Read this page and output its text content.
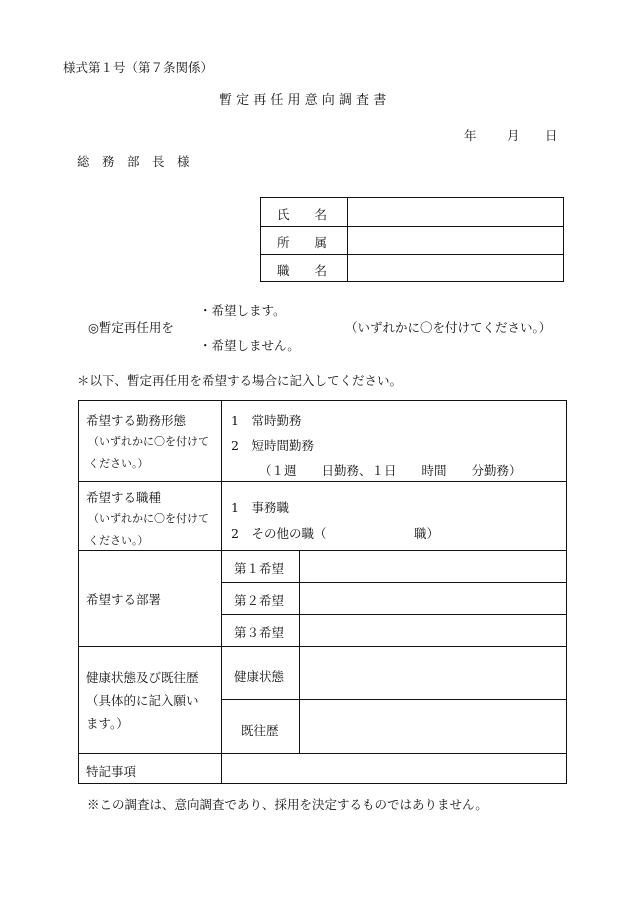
様式第１号（第７条関係）
暫 定 再 任 用 意 向 調 査 書
年 月 日
総　務　部　長　様
氏　　名
所　　属
職　　名
・希望します。
◎暫定再任用を	（いずれかに〇を付けてください。）
・希望しません。
＊以下、暫定再任用を希望する場合に記入してください。
希望する勤務形態
（いずれかに〇を付けて
ください。）
1　常時勤務
2　短時間勤務
（１週　　日勤務、１日　　時間　　分勤務）
希望する職種
（いずれかに〇を付けて
ください。）
1　事務職
2　その他の職（　　　　　　　職）
希望する部署
第１希望
第２希望
第３希望
健康状態及び既往歴
（具体的に記入願い
ます。）
健康状態
既往歴
特記事項
※この調査は、意向調査であり、採用を決定するものではありません。
